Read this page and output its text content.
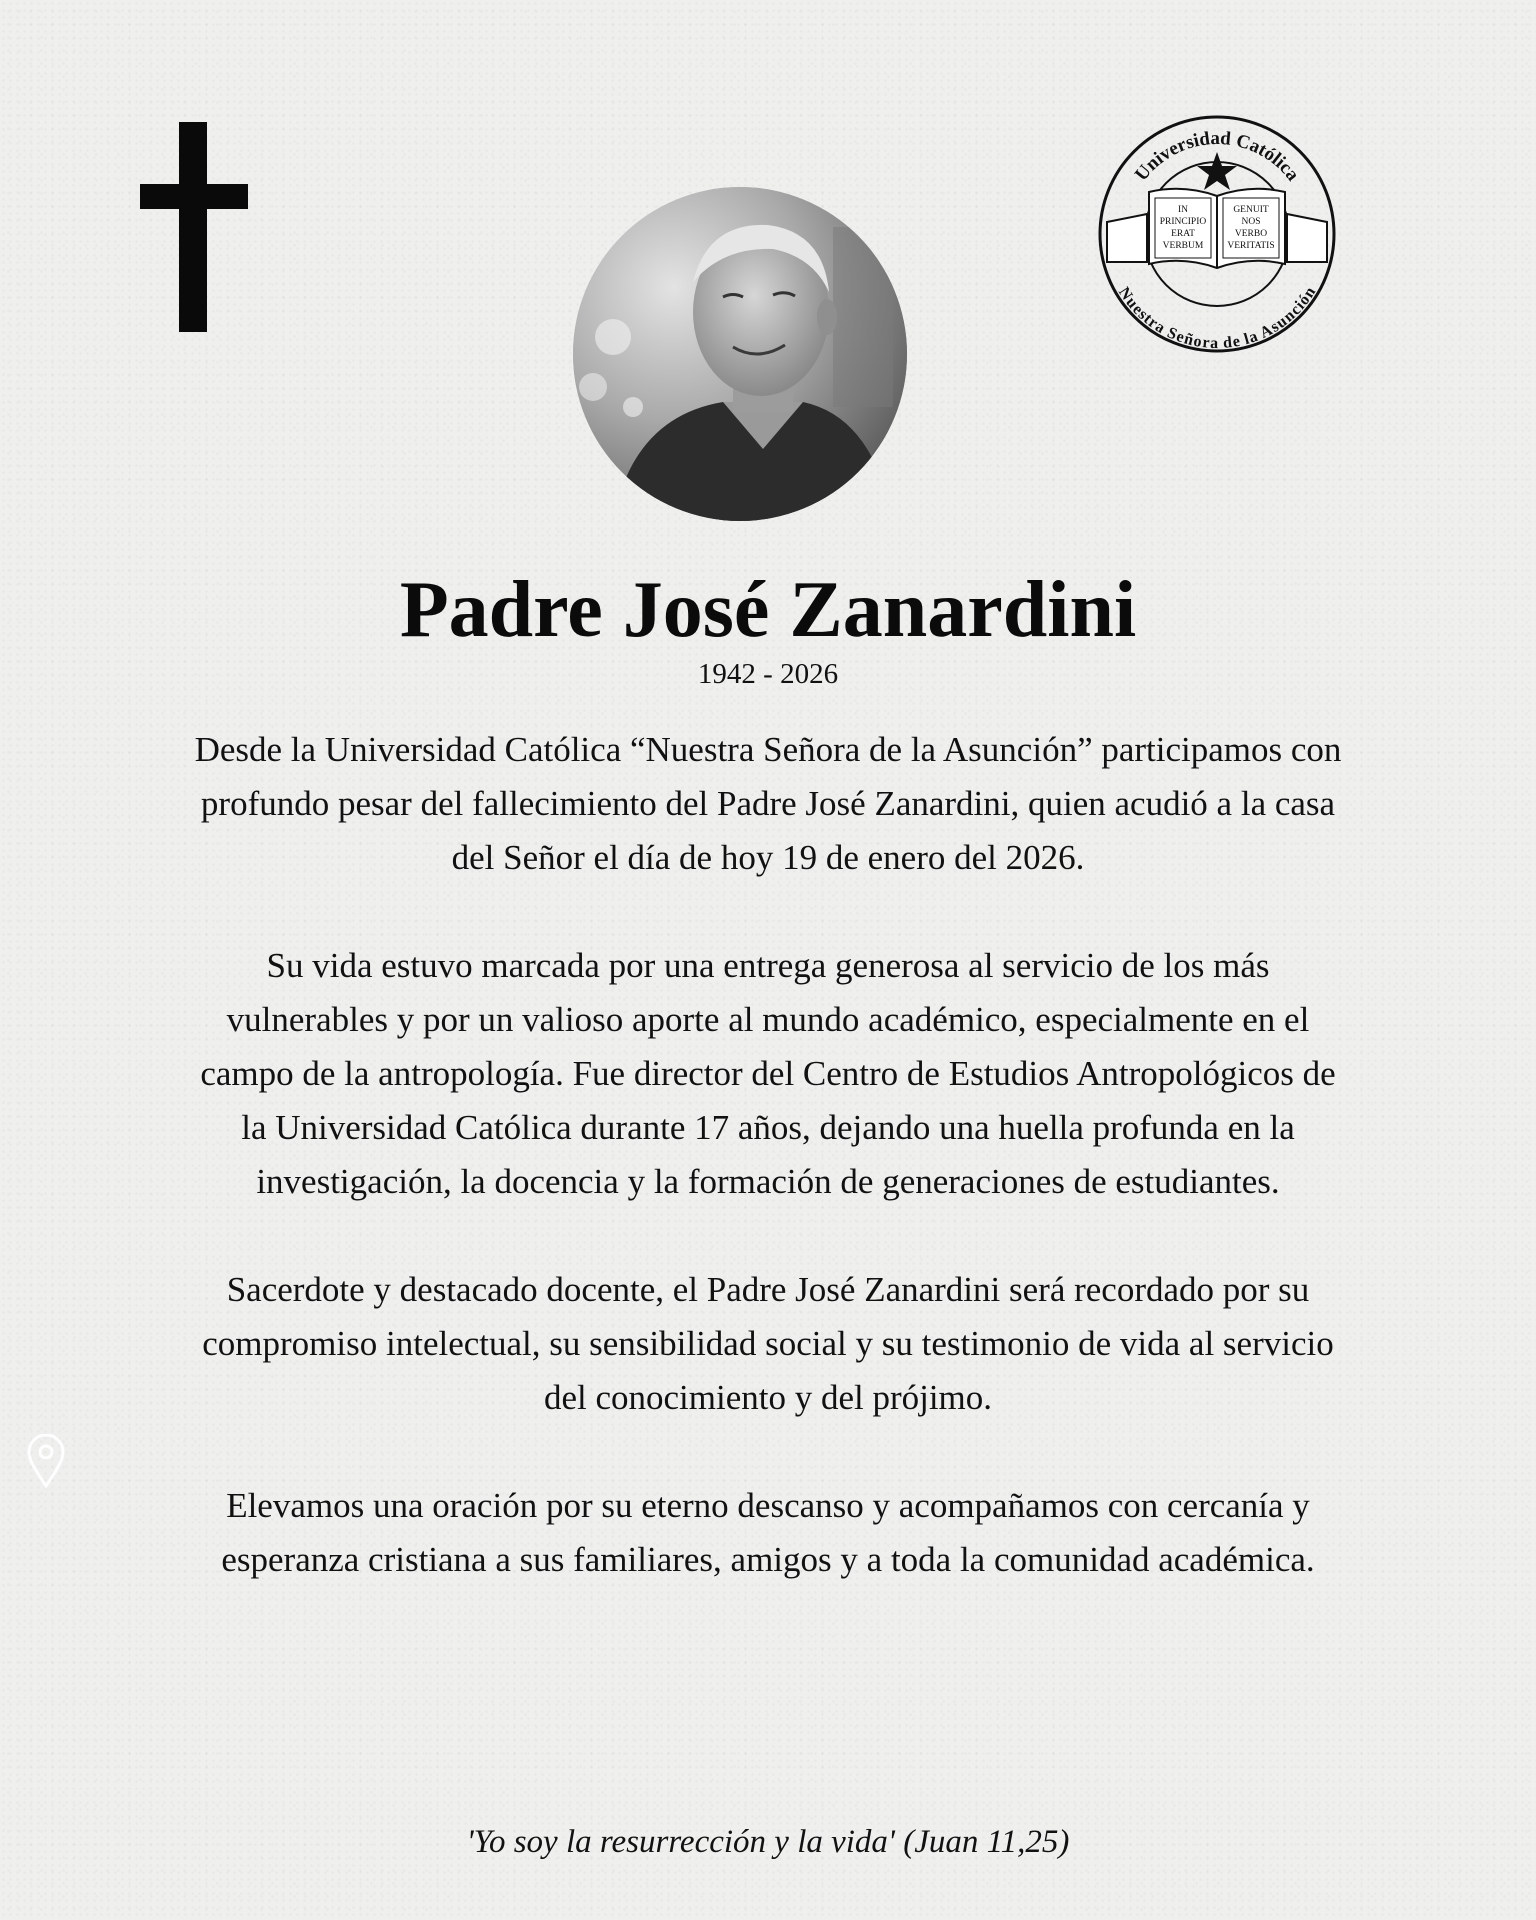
Universidad Católica
Nuestra Señora de la Asunción
IN
PRINCIPIO
ERAT
VERBUM
GENUIT
NOS
VERBO
VERITATIS
Padre José Zanardini
1942 - 2026

Desde la Universidad Católica “Nuestra Señora de la Asunción” participamos con profundo pesar del fallecimiento del Padre José Zanardini, quien acudió a la casa del Señor el día de hoy 19 de enero del 2026.

Su vida estuvo marcada por una entrega generosa al servicio de los más vulnerables y por un valioso aporte al mundo académico, especialmente en el campo de la antropología. Fue director del Centro de Estudios Antropológicos de la Universidad Católica durante 17 años, dejando una huella profunda en la investigación, la docencia y la formación de generaciones de estudiantes.

Sacerdote y destacado docente, el Padre José Zanardini será recordado por su compromiso intelectual, su sensibilidad social y su testimonio de vida al servicio del conocimiento y del prójimo.

Elevamos una oración por su eterno descanso y acompañamos con cercanía y esperanza cristiana a sus familiares, amigos y a toda la comunidad académica.

'Yo soy la resurrección y la vida' (Juan 11,25)
